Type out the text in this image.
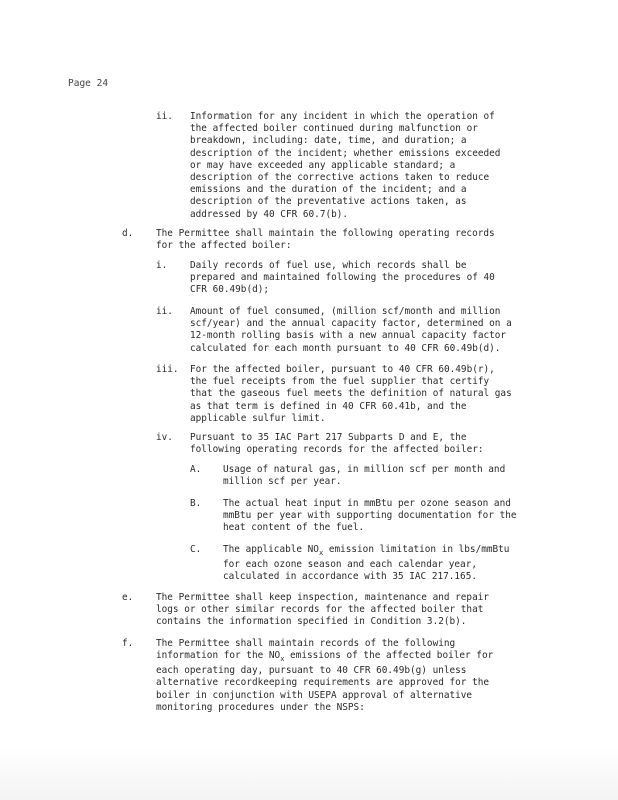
Page 24
ii. Information for any incident in which the operation of
the affected boiler continued during malfunction or
breakdown, including: date, time, and duration; a
description of the incident; whether emissions exceeded
or may have exceeded any applicable standard; a
description of the corrective actions taken to reduce
emissions and the duration of the incident; and a
description of the preventative actions taken, as
addressed by 40 CFR 60.7(b).

d. The Permittee shall maintain the following operating records
for the affected boiler:

i. Daily records of fuel use, which records shall be
prepared and maintained following the procedures of 40
CFR 60.49b(d);

ii. Amount of fuel consumed, (million scf/month and million
scf/year) and the annual capacity factor, determined on a
12-month rolling basis with a new annual capacity factor
calculated for each month pursuant to 40 CFR 60.49b(d).

iii. For the affected boiler, pursuant to 40 CFR 60.49b(r),
the fuel receipts from the fuel supplier that certify
that the gaseous fuel meets the definition of natural gas
as that term is defined in 40 CFR 60.41b, and the
applicable sulfur limit.

iv. Pursuant to 35 IAC Part 217 Subparts D and E, the
following operating records for the affected boiler:

A. Usage of natural gas, in million scf per month and
million scf per year.

B. The actual heat input in mmBtu per ozone season and
mmBtu per year with supporting documentation for the
heat content of the fuel.

C. The applicable $NO_x$ emission limitation in lbs/mmBtu
for each ozone season and each calendar year,
calculated in accordance with 35 IAC 217.165.

e. The Permittee shall keep inspection, maintenance and repair
logs or other similar records for the affected boiler that
contains the information specified in Condition 3.2(b).

f. The Permittee shall maintain records of the following
information for the $NO_x$ emissions of the affected boiler for
each operating day, pursuant to 40 CFR 60.49b(g) unless
alternative recordkeeping requirements are approved for the
boiler in conjunction with USEPA approval of alternative
monitoring procedures under the NSPS:
